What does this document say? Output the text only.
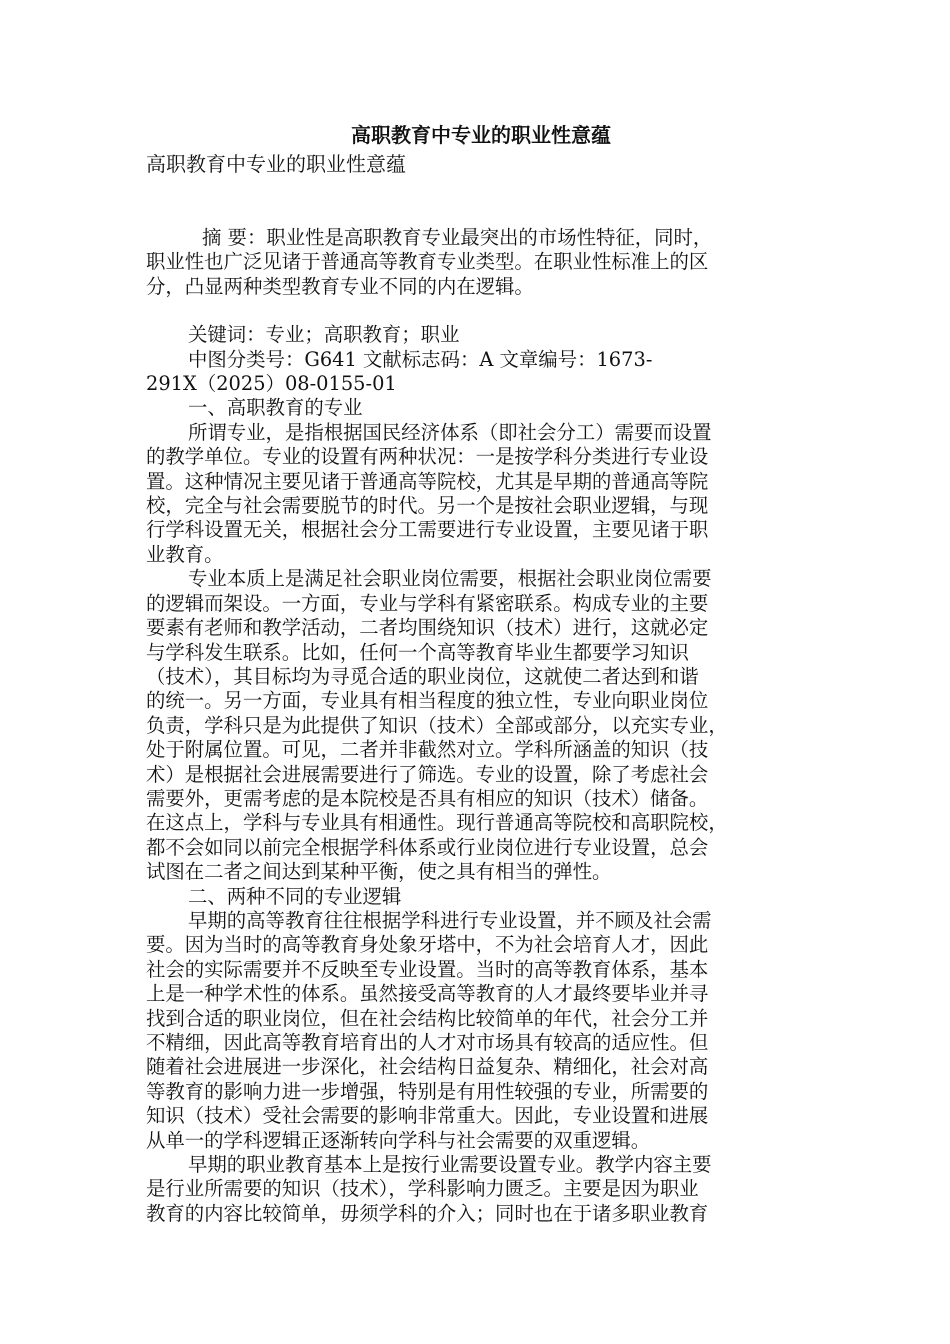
高职教育中专业的职业性意蕴

高职教育中专业的职业性意蕴

摘 要：职业性是高职教育专业最突出的市场性特征，同时，

职业性也广泛见诸于普通高等教育专业类型。在职业性标准上的区

分，凸显两种类型教育专业不同的内在逻辑。

关键词：专业；高职教育；职业

中图分类号：G641 文献标志码：A 文章编号：1673-

291X（2025）08-0155-01

一、高职教育的专业

所谓专业，是指根据国民经济体系（即社会分工）需要而设置

的教学单位。专业的设置有两种状况：一是按学科分类进行专业设

置。这种情况主要见诸于普通高等院校，尤其是早期的普通高等院

校，完全与社会需要脱节的时代。另一个是按社会职业逻辑，与现

行学科设置无关，根据社会分工需要进行专业设置，主要见诸于职

业教育。

专业本质上是满足社会职业岗位需要，根据社会职业岗位需要

的逻辑而架设。一方面，专业与学科有紧密联系。构成专业的主要

要素有老师和教学活动，二者均围绕知识（技术）进行，这就必定

与学科发生联系。比如，任何一个高等教育毕业生都要学习知识

（技术），其目标均为寻觅合适的职业岗位，这就使二者达到和谐

的统一。另一方面，专业具有相当程度的独立性，专业向职业岗位

负责，学科只是为此提供了知识（技术）全部或部分，以充实专业，

处于附属位置。可见，二者并非截然对立。学科所涵盖的知识（技

术）是根据社会进展需要进行了筛选。专业的设置，除了考虑社会

需要外，更需考虑的是本院校是否具有相应的知识（技术）储备。

在这点上，学科与专业具有相通性。现行普通高等院校和高职院校，

都不会如同以前完全根据学科体系或行业岗位进行专业设置，总会

试图在二者之间达到某种平衡，使之具有相当的弹性。

二、两种不同的专业逻辑

早期的高等教育往往根据学科进行专业设置，并不顾及社会需

要。因为当时的高等教育身处象牙塔中，不为社会培育人才，因此

社会的实际需要并不反映至专业设置。当时的高等教育体系，基本

上是一种学术性的体系。虽然接受高等教育的人才最终要毕业并寻

找到合适的职业岗位，但在社会结构比较简单的年代，社会分工并

不精细，因此高等教育培育出的人才对市场具有较高的适应性。但

随着社会进展进一步深化，社会结构日益复杂、精细化，社会对高

等教育的影响力进一步增强，特别是有用性较强的专业，所需要的

知识（技术）受社会需要的影响非常重大。因此，专业设置和进展

从单一的学科逻辑正逐渐转向学科与社会需要的双重逻辑。

早期的职业教育基本上是按行业需要设置专业。教学内容主要

是行业所需要的知识（技术），学科影响力匮乏。主要是因为职业

教育的内容比较简单，毋须学科的介入；同时也在于诸多职业教育
